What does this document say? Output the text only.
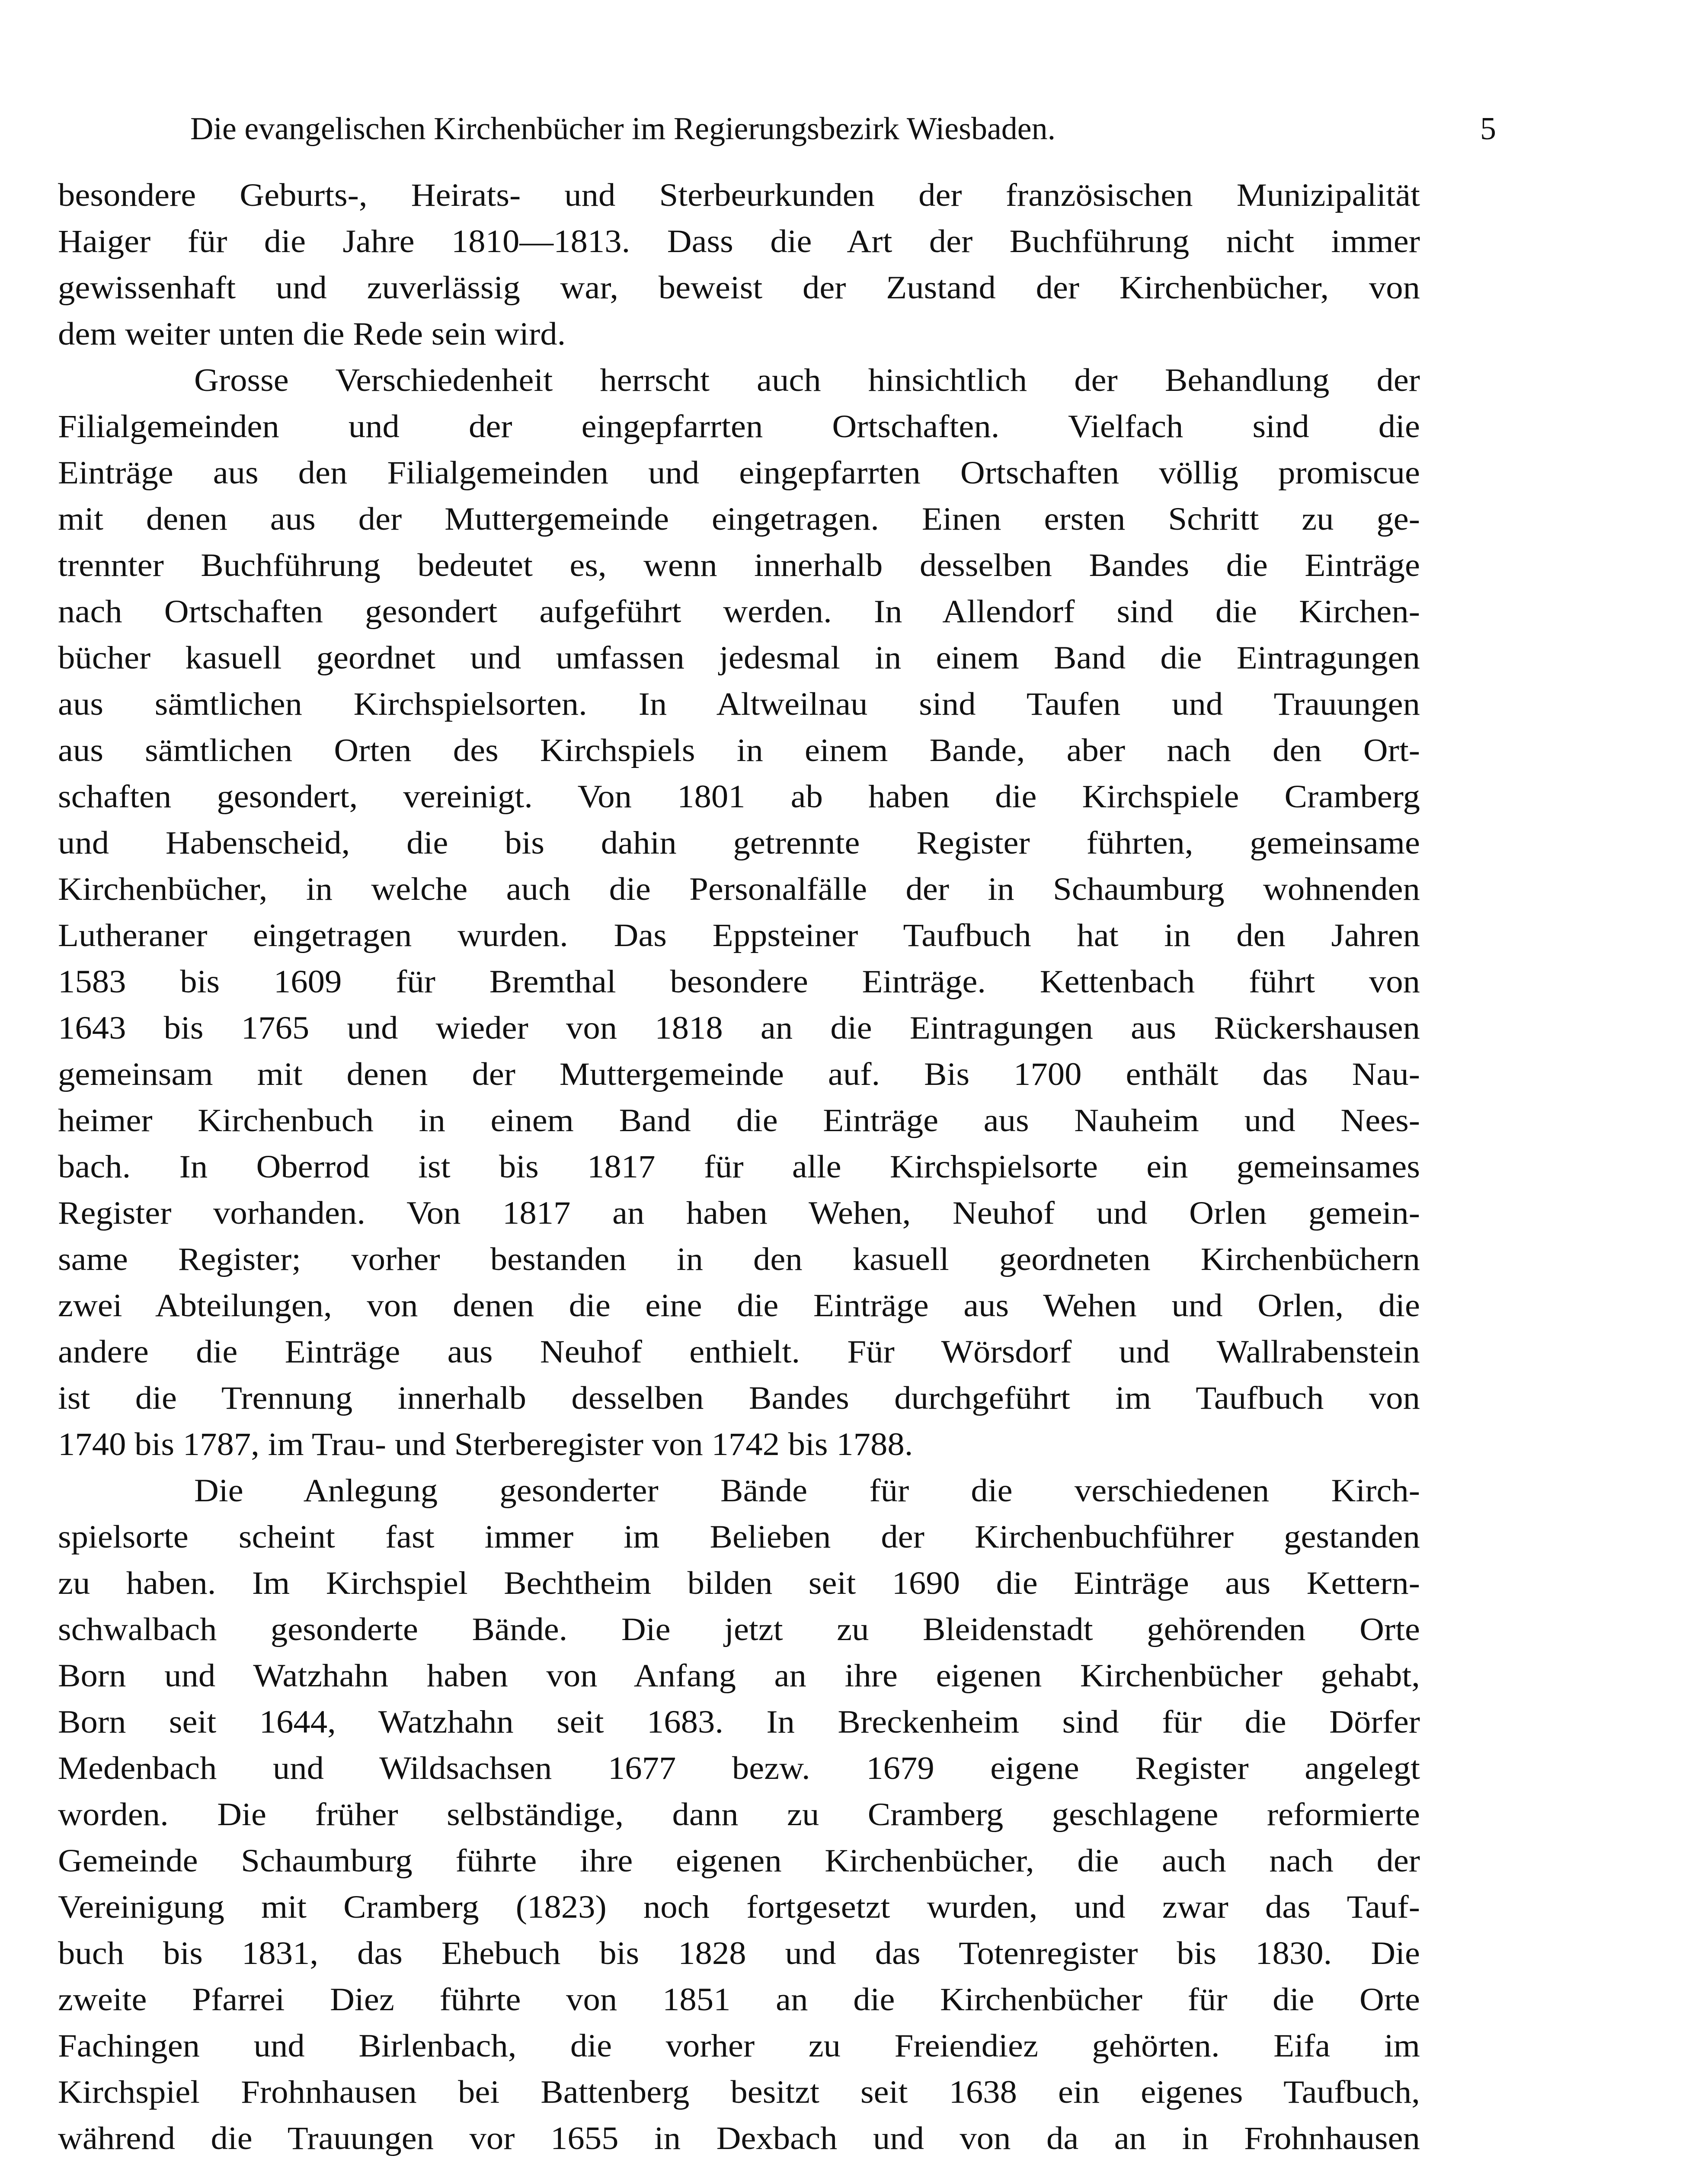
Die evangelischen Kirchenbücher im Regierungsbezirk Wiesbaden.	5
besondere Geburts-, Heirats- und Sterbeurkunden der französischen Munizipalität
Haiger für die Jahre 1810—1813. Dass die Art der Buchführung nicht immer
gewissenhaft und zuverlässig war, beweist der Zustand der Kirchenbücher, von
dem weiter unten die Rede sein wird.
Grosse Verschiedenheit herrscht auch hinsichtlich der Behandlung der
Filialgemeinden und der eingepfarrten Ortschaften. Vielfach sind die
Einträge aus den Filialgemeinden und eingepfarrten Ortschaften völlig promiscue
mit denen aus der Muttergemeinde eingetragen. Einen ersten Schritt zu ge-
trennter Buchführung bedeutet es, wenn innerhalb desselben Bandes die Einträge
nach Ortschaften gesondert aufgeführt werden. In Allendorf sind die Kirchen-
bücher kasuell geordnet und umfassen jedesmal in einem Band die Eintragungen
aus sämtlichen Kirchspielsorten. In Altweilnau sind Taufen und Trauungen
aus sämtlichen Orten des Kirchspiels in einem Bande, aber nach den Ort-
schaften gesondert, vereinigt. Von 1801 ab haben die Kirchspiele Cramberg
und Habenscheid, die bis dahin getrennte Register führten, gemeinsame
Kirchenbücher, in welche auch die Personalfälle der in Schaumburg wohnenden
Lutheraner eingetragen wurden. Das Eppsteiner Taufbuch hat in den Jahren
1583 bis 1609 für Bremthal besondere Einträge. Kettenbach führt von
1643 bis 1765 und wieder von 1818 an die Eintragungen aus Rückershausen
gemeinsam mit denen der Muttergemeinde auf. Bis 1700 enthält das Nau-
heimer Kirchenbuch in einem Band die Einträge aus Nauheim und Nees-
bach. In Oberrod ist bis 1817 für alle Kirchspielsorte ein gemeinsames
Register vorhanden. Von 1817 an haben Wehen, Neuhof und Orlen gemein-
same Register; vorher bestanden in den kasuell geordneten Kirchenbüchern
zwei Abteilungen, von denen die eine die Einträge aus Wehen und Orlen, die
andere die Einträge aus Neuhof enthielt. Für Wörsdorf und Wallrabenstein
ist die Trennung innerhalb desselben Bandes durchgeführt im Taufbuch von
1740 bis 1787, im Trau- und Sterberegister von 1742 bis 1788.
Die Anlegung gesonderter Bände für die verschiedenen Kirch-
spielsorte scheint fast immer im Belieben der Kirchenbuchführer gestanden
zu haben. Im Kirchspiel Bechtheim bilden seit 1690 die Einträge aus Kettern-
schwalbach gesonderte Bände. Die jetzt zu Bleidenstadt gehörenden Orte
Born und Watzhahn haben von Anfang an ihre eigenen Kirchenbücher gehabt,
Born seit 1644, Watzhahn seit 1683. In Breckenheim sind für die Dörfer
Medenbach und Wildsachsen 1677 bezw. 1679 eigene Register angelegt
worden. Die früher selbständige, dann zu Cramberg geschlagene reformierte
Gemeinde Schaumburg führte ihre eigenen Kirchenbücher, die auch nach der
Vereinigung mit Cramberg (1823) noch fortgesetzt wurden, und zwar das Tauf-
buch bis 1831, das Ehebuch bis 1828 und das Totenregister bis 1830. Die
zweite Pfarrei Diez führte von 1851 an die Kirchenbücher für die Orte
Fachingen und Birlenbach, die vorher zu Freiendiez gehörten. Eifa im
Kirchspiel Frohnhausen bei Battenberg besitzt seit 1638 ein eigenes Taufbuch,
während die Trauungen vor 1655 in Dexbach und von da an in Frohnhausen
